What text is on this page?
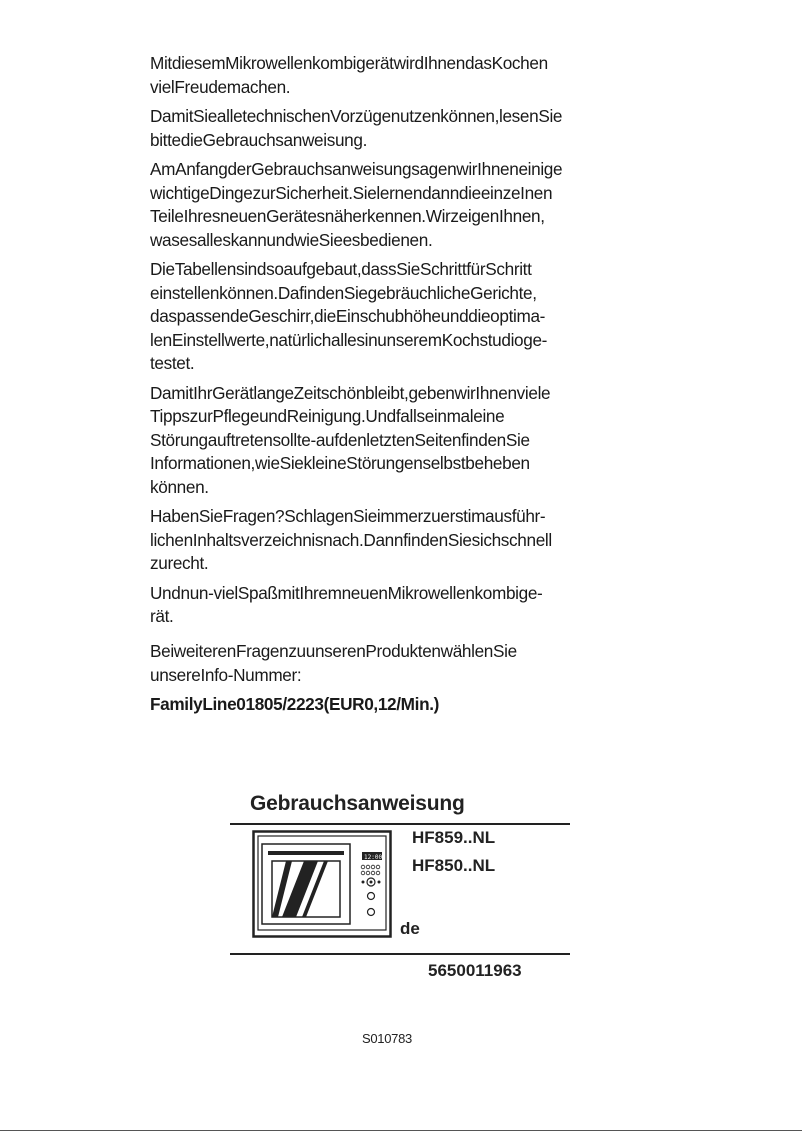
MitdiesemMikrowellenkombigerätwirdIhnendasKochen
vielFreudemachen.

DamitSiealletechnischenVorzügenutzenkönnen,lesenSie
bittedieGebrauchsanweisung.

AmAnfangderGebrauchsanweisungsagenwirIhneneinige
wichtigeDingezurSicherheit.SielernendanndieeinzeInen
TeileIhresneuenGerätesnäherkennen.WirzeigenIhnen,
wasesalleskannundwieSieesbedienen.

DieTabellensindsoaufgebaut,dassSieSchrittfürSchritt
einstellenkönnen.DafindenSiegebräuchlicheGerichte,
daspassendeGeschirr,dieEinschubhöheunddieoptima-
lenEinstellwerte,natürlichallesinunseremKochstudioge-
testet.

DamitIhrGerätlangeZeitschönbleibt,gebenwirIhnenviele
TippszurPflegeundReinigung.Undfallseinmaleine
Störungauftretensollte-aufdenletztenSeitenfindenSie
Informationen,wieSiekleineStörungenselbstbeheben
können.

HabenSieFragen?SchlagenSieimmerzuerstimausführ-
lichenInhaltsverzeichnisnach.DannfindenSiesichschnell
zurecht.

Undnun-vielSpaßmitIhremneuenMikrowellenkombige-
rät.

BeiweiterenFragenzuunserenProduktenwählenSie
unsereInfo-Nummer:

FamilyLine01805/2223(EUR0,12/Min.)

Gebrauchsanweisung
12:00
HF859..NL
HF850..NL
de
5650011963
S010783
